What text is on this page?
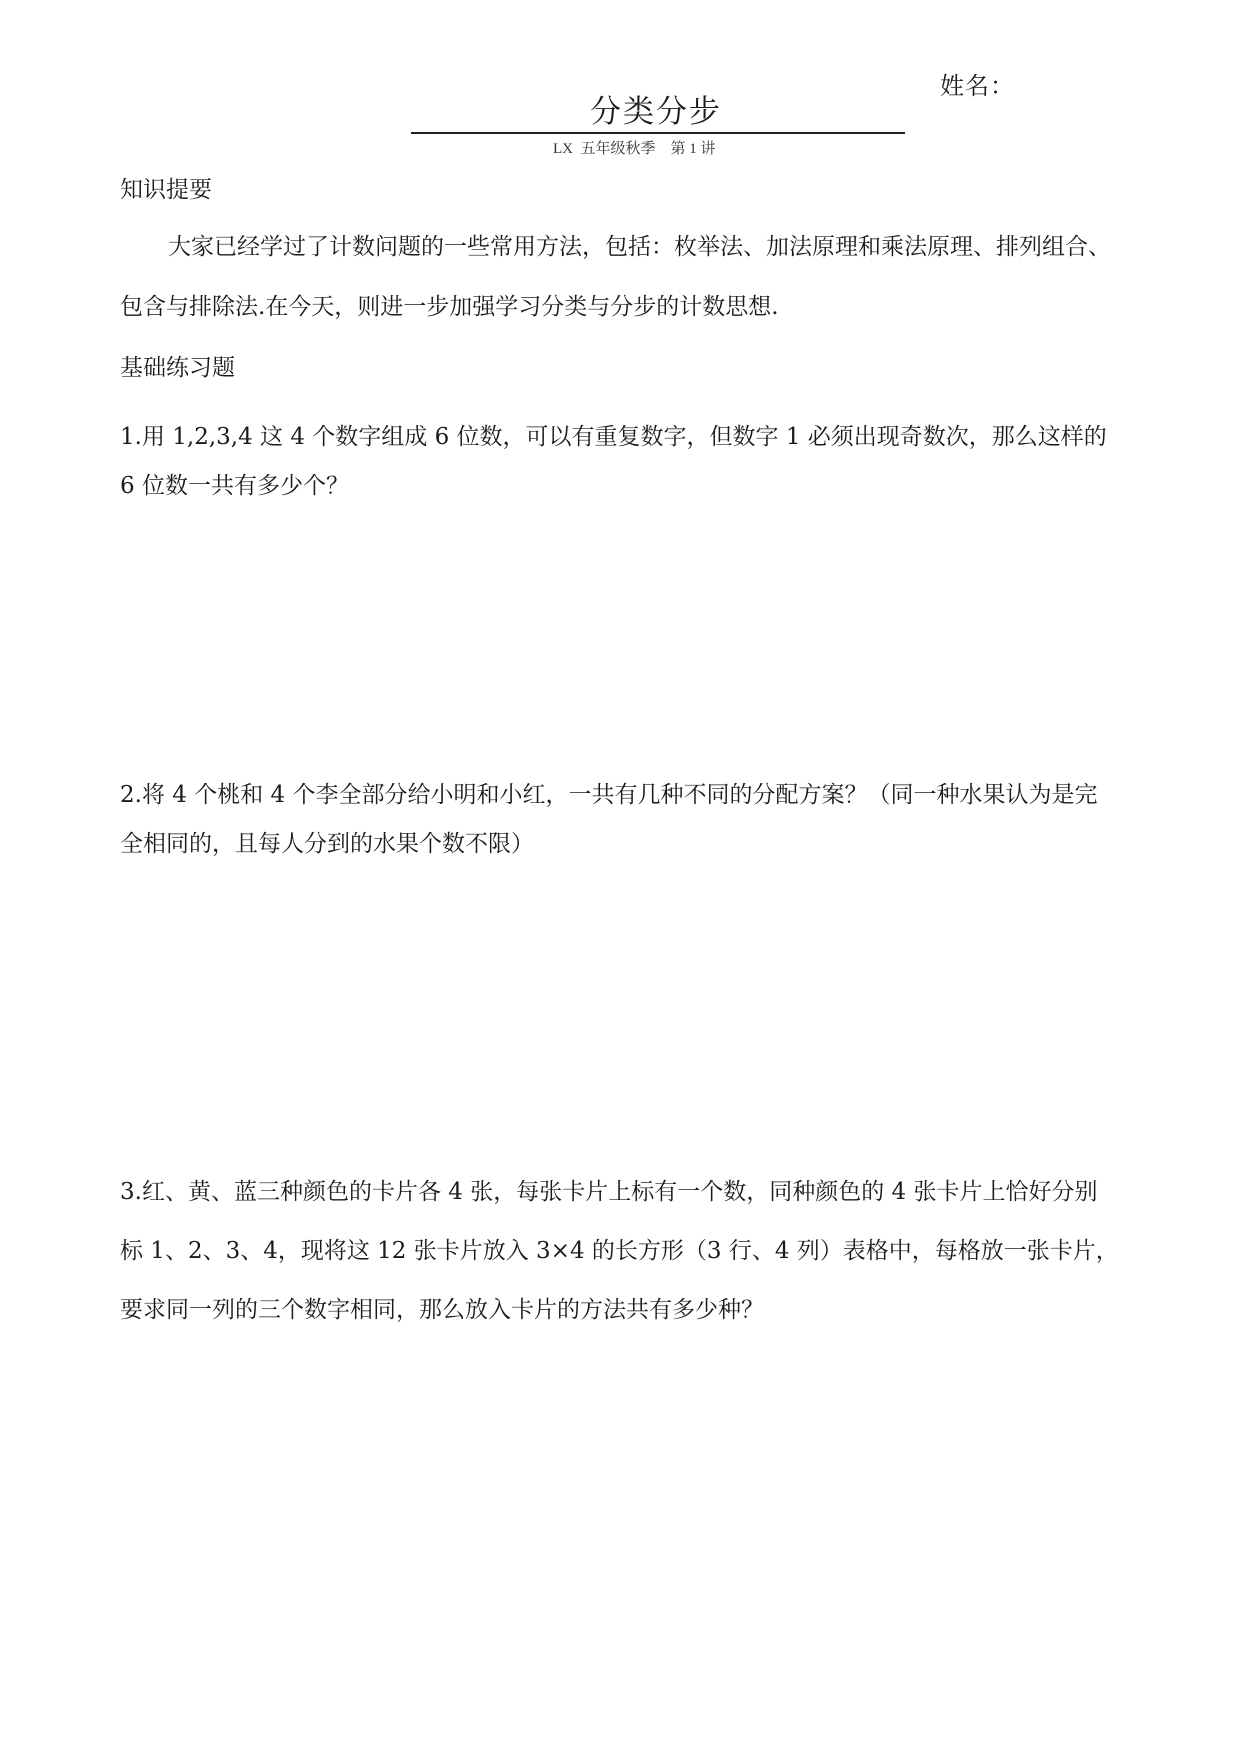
姓名：
分类分步
LX  五年级秋季    第 1 讲
知识提要
大家已经学过了计数问题的一些常用方法，包括：枚举法、加法原理和乘法原理、排列组合、包含与排除法.在今天，则进一步加强学习分类与分步的计数思想.
基础练习题
1.用 1,2,3,4 这 4 个数字组成 6 位数，可以有重复数字，但数字 1 必须出现奇数次，那么这样的 6 位数一共有多少个？
2.将 4 个桃和 4 个李全部分给小明和小红，一共有几种不同的分配方案？（同一种水果认为是完全相同的，且每人分到的水果个数不限）
3.红、黄、蓝三种颜色的卡片各 4 张，每张卡片上标有一个数，同种颜色的 4 张卡片上恰好分别标 1、2、3、4，现将这 12 张卡片放入 3×4 的长方形（3 行、4 列）表格中，每格放一张卡片，要求同一列的三个数字相同，那么放入卡片的方法共有多少种？
